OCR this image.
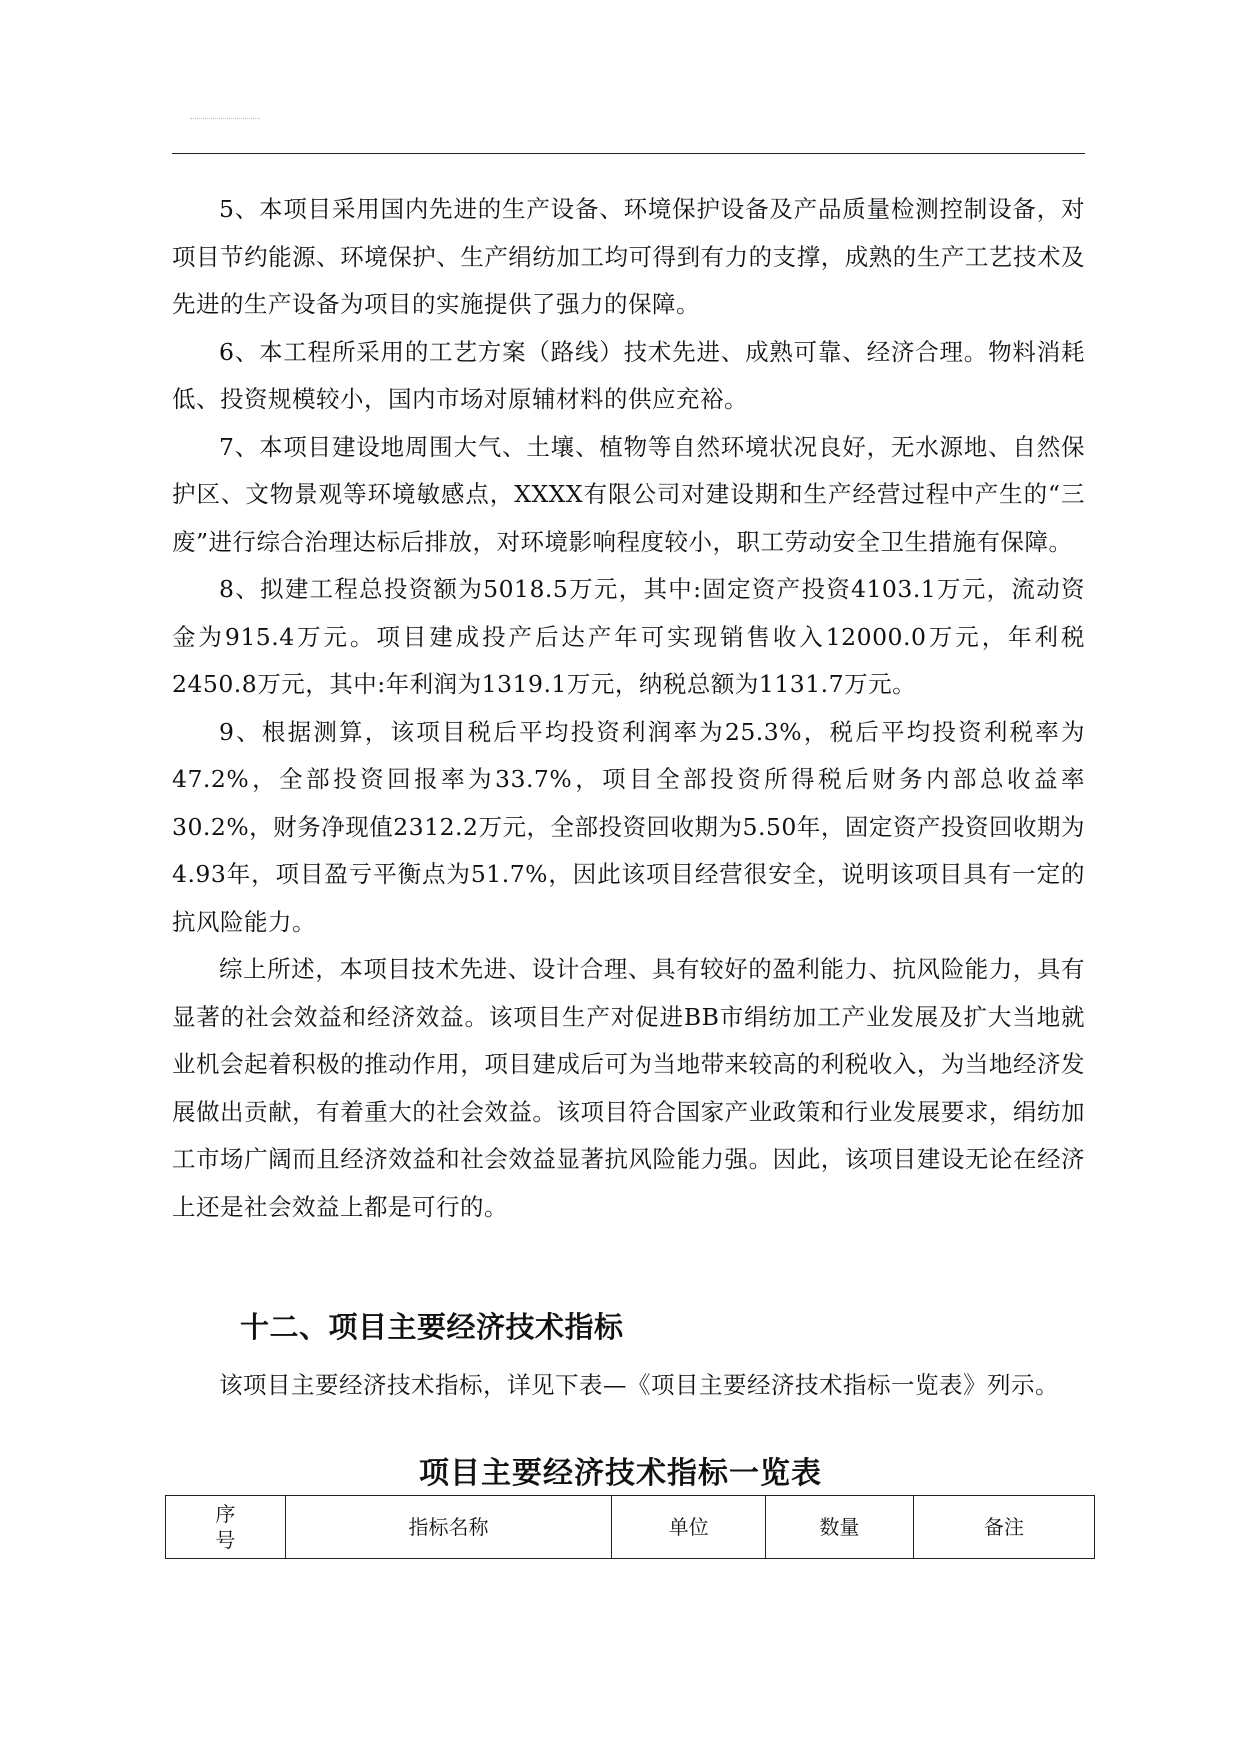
5、本项目采用国内先进的生产设备、环境保护设备及产品质量检测控制设备，对项目节约能源、环境保护、生产绢纺加工均可得到有力的支撑，成熟的生产工艺技术及先进的生产设备为项目的实施提供了强力的保障。

6、本工程所采用的工艺方案（路线）技术先进、成熟可靠、经济合理。物料消耗低、投资规模较小，国内市场对原辅材料的供应充裕。

7、本项目建设地周围大气、土壤、植物等自然环境状况良好，无水源地、自然保护区、文物景观等环境敏感点，XXXX有限公司对建设期和生产经营过程中产生的“三废”进行综合治理达标后排放，对环境影响程度较小，职工劳动安全卫生措施有保障。

8、拟建工程总投资额为5018.5万元，其中:固定资产投资4103.1万元，流动资金为915.4万元。项目建成投产后达产年可实现销售收入12000.0万元，年利税2450.8万元，其中:年利润为1319.1万元，纳税总额为1131.7万元。

9、根据测算，该项目税后平均投资利润率为25.3%，税后平均投资利税率为47.2%，全部投资回报率为33.7%，项目全部投资所得税后财务内部总收益率30.2%，财务净现值2312.2万元，全部投资回收期为5.50年，固定资产投资回收期为4.93年，项目盈亏平衡点为51.7%，因此该项目经营很安全，说明该项目具有一定的抗风险能力。

综上所述，本项目技术先进、设计合理、具有较好的盈利能力、抗风险能力，具有显著的社会效益和经济效益。该项目生产对促进BB市绢纺加工产业发展及扩大当地就业机会起着积极的推动作用，项目建成后可为当地带来较高的利税收入，为当地经济发展做出贡献，有着重大的社会效益。该项目符合国家产业政策和行业发展要求，绢纺加工市场广阔而且经济效益和社会效益显著抗风险能力强。因此，该项目建设无论在经济上还是社会效益上都是可行的。

十二、项目主要经济技术指标

该项目主要经济技术指标，详见下表—《项目主要经济技术指标一览表》列示。

项目主要经济技术指标一览表
序号	指标名称	单位	数量	备注
